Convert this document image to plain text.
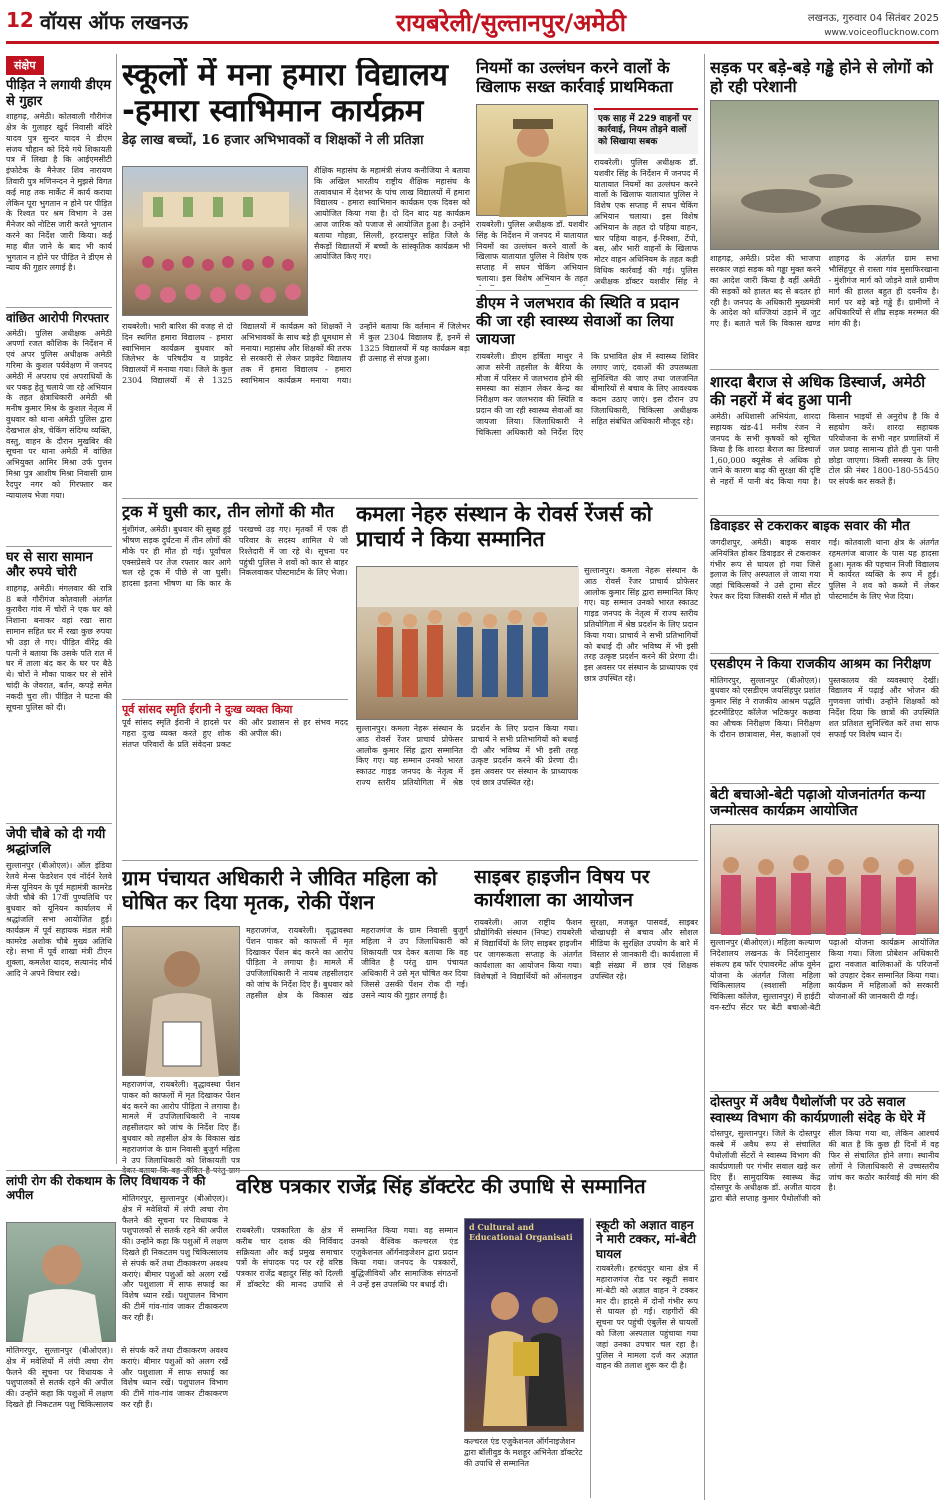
12 वॉयस ऑफ लखनऊ	रायबरेली/सुल्तानपुर/अमेठी	लखनऊ, गुरुवार 04 सितंबर 2025
www.voiceoflucknow.com
संक्षेप
पीड़ित ने लगायी डीएम से गुहार
शाहगढ़, अमेठी। कोतवाली गौरीगंज क्षेत्र के गुलाहर खुर्द निवासी बंदिरे यादव पुत्र सुन्दर यादव ने डीएम संजय चौहान को दिये गये शिकायती पत्र में लिखा है कि आईएमसीटी इंफोटेक के मैनेजर शिव नारायण तिवारी पुत्र मणिनन्दन ने मुझसे विगत कई माह तक मार्केट में कार्य कराया लेकिन पूरा भुगतान न होने पर पीड़ित के रिश्वत पर श्रम विभाग ने उस मैनेजर को नोटिस जारी करते भुगतान करने का निर्देश जारी किया। कई माह बीत जाने के बाद भी कार्य भुगतान न होने पर पीड़ित ने डीएम से न्याय की गुहार लगाई है।
वांछित आरोपी गिरफ्तार
अमेठी। पुलिस अधीक्षक अमेठी अपर्णा रजत कौशिक के निर्देशन में एवं अपर पुलिस अधीक्षक अमेठी गरिमा के कुशल पर्यवेक्षण में जनपद अमेठी में अपराध एवं अपराधियों के धर पकड़ हेतु चलाये जा रहे अभियान के तहत क्षेत्राधिकारी अमेठी श्री मनीष कुमार मिश्र के कुशल नेतृत्व में वुधवार को थाना अमेठी पुलिस द्वारा देखभाल क्षेत्र, चेकिंग संदिग्ध व्यक्ति, वस्तु, वाहन के दौरान मुखबिर की सूचना पर थाना अमेठी में वांछित अभियुक्त आमिर मिश्रा उर्फ पुत्तन मिश्रा पुत्र आशीष मिश्रा निवासी ग्राम रैदपुर नगर को गिरफ्तार कर न्यायालय भेजा गया।
घर से सारा सामान और रुपये चोरी
शाहगढ़, अमेठी। मंगलवार की रात्रि 8 बजे गौरीगंज कोतवाली अंतर्गत कुरावैरा गांव में चोरों ने एक घर को निशाना बनाकर वहां रखा सारा सामान सहित घर में रखा कुछ रुपया भी उड़ा ले गए। पीड़ित वीरेंद्र की पत्नी ने बताया कि उसके पति रात में घर में ताला बंद कर के घर पर बैठे थे। चोरों ने मौका पाकर घर से सोने चांदी के जेवरात, बर्तन, कपड़े समेत नकदी चुरा ली। पीड़ित ने घटना की सूचना पुलिस को दी।
जेपी चौबे को दी गयी श्रद्धांजलि
सुल्तानपुर (बीओएल)। ऑल इंडिया रेलवे मेन्स फेडरेशन एवं नॉर्दर्न रेलवे मेन्स यूनियन के पूर्व महामंत्री कामरेड जेपी चौबे की 17वीं पुण्यतिथि पर बुधवार को यूनियन कार्यालय में श्रद्धांजलि सभा आयोजित हुई। कार्यक्रम में पूर्व सहायक मंडल मंत्री कामरेड अशोक चौबे मुख्य अतिथि रहे। सभा में पूर्व शाखा मंत्री टीएन शुक्ला, कमलेश यादव, सत्यानंद मौर्य आदि ने अपने विचार रखे।
स्कूलों में मना हमारा विद्यालय -हमारा स्वाभिमान कार्यक्रम
डेढ़ लाख बच्चों, 16 हजार अभिभावकों व शिक्षकों ने ली प्रतिज्ञा
शैक्षिक महासंघ के महामंत्री संजय कनौजिया ने बताया कि अखिल भारतीय राष्ट्रीय शैक्षिक महासंघ के तत्वावधान में देशभर के पांच लाख विद्यालयों में हमारा विद्यालय - हमारा स्वाभिमान कार्यक्रम एक दिवस को आयोजित किया गया है। दो दिन बाद यह कार्यक्रम आज जारिक को पजाज से आयोजित हुआ है। उन्होंने बताया गोहन्ना, सिल्ली, हरदासपुर सहित जिले के सैकड़ों विद्यालयों में बच्चों के सांस्कृतिक कार्यक्रम भी आयोजित किए गए।
रायबरेली। भारी बारिश की वजह से दो दिन स्थगित हमारा विद्यालय - हमारा स्वाभिमान कार्यक्रम बुधवार को जिलेभर के परिषदीय व प्राइवेट विद्यालयों में मनाया गया। जिले के कुल 2304 विद्यालयों में से 1325 विद्यालयों में कार्यक्रम को शिक्षकों ने अभिभावकों के साथ बड़े ही धूमधाम से मनाया। महासंघ और शिक्षकों की तरफ से सरकारी से लेकर प्राइवेट विद्यालय तक में हमारा विद्यालय - हमारा स्वाभिमान कार्यक्रम मनाया गया। उन्होंने बताया कि वर्तमान में जिलेभर में कुल 2304 विद्यालय हैं, इनमें से 1325 विद्यालयों में यह कार्यक्रम बड़ा ही उत्साह से संपन्न हुआ।
नियमों का उल्लंघन करने वालों के खिलाफ सख्त कार्रवाई प्राथमिकता
एक साह में 229 वाहनों पर कार्रवाई, नियम तोड़ने वालों को सिखाया सबक
रायबरेली। पुलिस अधीक्षक डॉ. यशवीर सिंह के निर्देशन में जनपद में यातायात नियमों का उल्लंघन करने वालों के खिलाफ यातायात पुलिस ने विशेष एक सप्ताह में सघन चेकिंग अभियान चलाया। इस विशेष अभियान के तहत दो पहिया वाहन, चार पहिया वाहन, ई-रिक्शा, टेंपो, बस, और भारी वाहनों के खिलाफ मोटर वाहन अधिनियम के तहत कड़ी विधिक कार्रवाई की गई। पुलिस अधीक्षक डॉक्टर यशवीर सिंह ने
रायबरेली। पुलिस अधीक्षक डॉ. यशवीर सिंह के निर्देशन में जनपद में यातायात नियमों का उल्लंघन करने वालों के खिलाफ यातायात पुलिस ने विशेष एक सप्ताह में सघन चेकिंग अभियान चलाया। इस विशेष अभियान के तहत
डीएम ने जलभराव की स्थिति व प्रदान की जा रही स्वास्थ्य सेवाओं का लिया जायजा
रायबरेली। डीएम हर्षिता माथुर ने आज सरेनी तहसील के बैरिया के मौजा में परिसर में जलभराव होने की समस्या का संज्ञान लेकर केन्द्र का निरीक्षण कर जलभराव की स्थिति व प्रदान की जा रही स्वास्थ्य सेवाओं का जायजा लिया। जिलाधिकारी ने चिकित्सा अधिकारी को निर्देश दिए कि प्रभावित क्षेत्र में स्वास्थ्य शिविर लगाए जाएं, दवाओं की उपलब्धता सुनिश्चित की जाए तथा जलजनित बीमारियों से बचाव के लिए आवश्यक कदम उठाए जाएं। इस दौरान उप जिलाधिकारी, चिकित्सा अधीक्षक सहित संबंधित अधिकारी मौजूद रहे।
ट्रक में घुसी कार, तीन लोगों की मौत
मुंशीगंज, अमेठी। बुधवार की सुबह हुई भीषण सड़क दुर्घटना में तीन लोगों की मौके पर ही मौत हो गई। पूर्वांचल एक्सप्रेसवे पर तेज रफ्तार कार आगे चल रहे ट्रक में पीछे से जा घुसी। हादसा इतना भीषण था कि कार के परखच्चे उड़ गए। मृतकों में एक ही परिवार के सदस्य शामिल थे जो रिश्तेदारी में जा रहे थे। सूचना पर पहुंची पुलिस ने शवों को कार से बाहर निकलवाकर पोस्टमार्टम के लिए भेजा।
पूर्व सांसद स्मृति ईरानी ने दुःख व्यक्त किया
पूर्व सांसद स्मृति ईरानी ने हादसे पर गहरा दुःख व्यक्त करते हुए शोक संतप्त परिवारों के प्रति संवेदना प्रकट की और प्रशासन से हर संभव मदद की अपील की।
कमला नेहरु संस्थान के रोवर्स रेंजर्स को प्राचार्य ने किया सम्मानित
सुल्तानपुर। कमला नेहरू संस्थान के आठ रोवर्स रेंजर प्राचार्य प्रोफेसर आलोक कुमार सिंह द्वारा सम्मानित किए गए। यह सम्मान उनको भारत स्काउट गाइड जनपद के नेतृत्व में राज्य स्तरीय प्रतियोगिता में श्रेष्ठ प्रदर्शन के लिए प्रदान किया गया। प्राचार्य ने सभी प्रतिभागियों को बधाई दी और भविष्य में भी इसी तरह उत्कृष्ट प्रदर्शन करने की प्रेरणा दी। इस अवसर पर संस्थान के प्राध्यापक एवं छात्र उपस्थित रहे।
सुल्तानपुर। कमला नेहरू संस्थान के आठ रोवर्स रेंजर प्राचार्य प्रोफेसर आलोक कुमार सिंह द्वारा सम्मानित किए गए। यह सम्मान उनको भारत स्काउट गाइड जनपद के नेतृत्व में राज्य स्तरीय प्रतियोगिता में श्रेष्ठ प्रदर्शन के लिए प्रदान किया गया। प्राचार्य ने सभी प्रतिभागियों को बधाई दी और भविष्य में भी इसी तरह उत्कृष्ट प्रदर्शन करने की प्रेरणा दी। इस अवसर पर संस्थान के प्राध्यापक एवं छात्र उपस्थित रहे।
ग्राम पंचायत अधिकारी ने जीवित महिला को घोषित कर दिया मृतक, रोकी पेंशन
महराजगंज, रायबरेली। वृद्धावस्था पेंशन पाकर को काफलों में मृत दिखाकर पेंशन बंद करने का आरोप पीड़िता ने लगाया है। मामले में उपजिलाधिकारी ने नायब तहसीलदार को जांच के निर्देश दिए हैं। बुधवार को तहसील क्षेत्र के विकास खंड महराजगंज के ग्राम निवासी बुजुर्ग महिला ने उप जिलाधिकारी को शिकायती पत्र देकर बताया कि वह जीवित है परंतु ग्राम पंचायत अधिकारी ने उसे मृत घोषित कर दिया जिससे उसकी पेंशन रोक दी गई। उसने न्याय की गुहार लगाई है।
महराजगंज, रायबरेली। वृद्धावस्था पेंशन पाकर को काफलों में मृत दिखाकर पेंशन बंद करने का आरोप पीड़िता ने लगाया है। मामले में उपजिलाधिकारी ने नायब तहसीलदार को जांच के निर्देश दिए हैं। बुधवार को तहसील क्षेत्र के विकास खंड महराजगंज के ग्राम निवासी बुजुर्ग महिला ने उप जिलाधिकारी को शिकायती पत्र
साइबर हाइजीन विषय पर कार्यशाला का आयोजन
रायबरेली। आज राष्ट्रीय फैशन प्रौद्योगिकी संस्थान (निफ्ट) रायबरेली में विद्यार्थियों के लिए साइबर हाइजीन पर जागरूकता सप्ताह के अंतर्गत कार्यशाला का आयोजन किया गया। विशेषज्ञों ने विद्यार्थियों को ऑनलाइन सुरक्षा, मजबूत पासवर्ड, साइबर धोखाधड़ी से बचाव और सोशल मीडिया के सुरक्षित उपयोग के बारे में विस्तार से जानकारी दी। कार्यशाला में बड़ी संख्या में छात्र एवं शिक्षक उपस्थित रहे।
लांपी रोग की रोकथाम के लिए विधायक ने की अपील	मोतिगरपुर, सुल्तानपुर (बीओएल)। क्षेत्र में मवेशियों में लंपी त्वचा रोग फैलने की सूचना पर विधायक ने पशुपालकों से सतर्क रहने की अपील की। उन्होंने कहा कि पशुओं में लक्षण दिखते ही निकटतम पशु चिकित्सालय से संपर्क करें तथा टीकाकरण अवश्य कराएं। बीमार पशुओं को अलग रखें और पशुशाला में साफ सफाई का विशेष ध्यान रखें। पशुपालन विभाग की टीमें गांव-गांव जाकर टीकाकरण कर रही हैं।
मोतिगरपुर, सुल्तानपुर (बीओएल)। क्षेत्र में मवेशियों में लंपी त्वचा रोग फैलने की सूचना पर विधायक ने पशुपालकों से सतर्क रहने की अपील की। उन्होंने कहा कि पशुओं में लक्षण दिखते ही निकटतम पशु चिकित्सालय से संपर्क करें तथा टीकाकरण अवश्य कराएं। बीमार पशुओं को अलग रखें और पशुशाला में साफ सफाई का विशेष ध्यान रखें। पशुपालन विभाग की टीमें गांव-गांव जाकर टीकाकरण कर रही हैं।
वरिष्ठ पत्रकार राजेंद्र सिंह डॉक्टरेट की उपाधि से सम्मानित
रायबरेली। पत्रकारिता के क्षेत्र में करीब चार दशक की निर्विवाद सक्रियता और कई प्रमुख समाचार पत्रों के संपादक पद पर रहे वरिष्ठ पत्रकार राजेंद्र बहादुर सिंह को दिल्ली में डॉक्टरेट की मानद उपाधि से सम्मानित किया गया। वह सम्मान उनको वैश्विक कल्चरल एंड एजुकेशनल ऑर्गनाइजेशन द्वारा प्रदान किया गया। जनपद के पत्रकारों, बुद्धिजीवियों और सामाजिक संगठनों ने उन्हें इस उपलब्धि पर बधाई दी।
d Cultural and Educational Organisati
कल्चरल एंड एजुकेशनल ऑर्गनाइजेशन द्वारा बॉलीवुड के मशहूर अभिनेता डॉक्टरेट की उपाधि से सम्मानित
स्कूटी को अज्ञात वाहन ने मारी टक्कर, मां-बेटी घायल
रायबरेली। हरचंदपुर थाना क्षेत्र में महाराजगंज रोड पर स्कूटी सवार मां-बेटी को अज्ञात वाहन ने टक्कर मार दी। हादसे में दोनों गंभीर रूप से घायल हो गईं। राहगीरों की सूचना पर पहुंची एंबुलेंस से घायलों को जिला अस्पताल पहुंचाया गया जहां उनका उपचार चल रहा है। पुलिस ने मामला दर्ज कर अज्ञात वाहन की तलाश शुरू कर दी है।
सड़क पर बड़े-बड़े गड्ढे होने से लोगों को हो रही परेशानी
शाहगढ़, अमेठी। प्रदेश की भाजपा सरकार जहां सड़क को गड्ढा मुक्त करने का आदेश जारी किया है वहीं अमेठी की सड़कों को हालत बद से बदतर हो रही है। जनपद के अधिकारी मुख्यमंत्री के आदेश को धज्जियां उड़ाने में जुट गए हैं। बताते चलें कि विकास खण्ड शाहगढ़ के अंतर्गत ग्राम सभा भौसिंहपुर से रास्ता गांव मुसाफिरखाना - मुंशीगंज मार्ग को जोड़ने वाले ग्रामीण मार्ग की हालत बहुत ही दयनीय है। मार्ग पर बड़े बड़े गड्ढे हैं। ग्रामीणों ने अधिकारियों से शीघ्र सड़क मरम्मत की मांग की है।
शारदा बैराज से अधिक डिस्चार्ज, अमेठी की नहरों में बंद हुआ पानी
अमेठी। अधिशासी अभियंता, शारदा सहायक खंड-41 मनीष रंजन ने जनपद के सभी कृषकों को सूचित किया है कि शारदा बैराज का डिस्चार्ज 1,60,000 क्यूसेक से अधिक हो जाने के कारण बाढ़ की सुरक्षा की दृष्टि से नहरों में पानी बंद किया गया है। किसान भाइयों से अनुरोध है कि वे सहयोग करें। शारदा सहायक परियोजना के सभी नहर प्रणालियों में जल प्रवाह सामान्य होते ही पुनः पानी छोड़ा जाएगा। किसी समस्या के लिए टोल फ्री नंबर 1800-180-55450 पर संपर्क कर सकते हैं।
डिवाइडर से टकराकर बाइक सवार की मौत
जगदीशपुर, अमेठी। बाइक सवार अनियंत्रित होकर डिवाइडर से टकराकर गंभीर रूप से घायल हो गया जिसे इलाज के लिए अस्पताल ले जाया गया जहां चिकित्सकों ने उसे ट्रामा सेंटर रेफर कर दिया जिसकी रास्ते में मौत हो गई। कोतवाली थाना क्षेत्र के अंतर्गत रहमतगंज बाजार के पास यह हादसा हुआ। मृतक की पहचान निजी विद्यालय में कार्यरत व्यक्ति के रूप में हुई। पुलिस ने शव को कब्जे में लेकर पोस्टमार्टम के लिए भेज दिया।
एसडीएम ने किया राजकीय आश्रम का निरीक्षण
मोतिगरपुर, सुल्तानपुर (बीओएल)। बुधवार को एसडीएम जयसिंहपुर प्रशांत कुमार सिंह ने राजकीय आश्रम पद्धति इंटरमीडिएट कॉलेज भटिकपुर कछवा का औचक निरीक्षण किया। निरीक्षण के दौरान छात्रावास, मेस, कक्षाओं एवं पुस्तकालय की व्यवस्थाएं देखीं। विद्यालय में पढ़ाई और भोजन की गुणवत्ता जांची। उन्होंने शिक्षकों को निर्देश दिया कि छात्रों की उपस्थिति शत प्रतिशत सुनिश्चित करें तथा साफ सफाई पर विशेष ध्यान दें।
बेटी बचाओ-बेटी पढ़ाओ योजनांतर्गत कन्या जन्मोत्सव कार्यक्रम आयोजित
सुल्तानपुर (बीओएल)। महिला कल्याण निदेशालय लखनऊ के निर्देशानुसार संकल्प हब फॉर एंपावरमेंट ऑफ वूमेन योजना के अंतर्गत जिला महिला चिकित्सालय (स्वशासी महिला चिकित्सा कॉलेज, सुल्तानपुर) में हाईटी वन-स्टॉप सेंटर पर बेटी बचाओ-बेटी पढ़ाओ योजना कार्यक्रम आयोजित किया गया। जिला प्रोबेशन अधिकारी द्वारा नवजात बालिकाओं के परिजनों को उपहार देकर सम्मानित किया गया। कार्यक्रम में महिलाओं को सरकारी योजनाओं की जानकारी दी गई।
दोस्तपुर में अवैध पैथोलॉजी पर उठे सवाल स्वास्थ्य विभाग की कार्यप्रणाली संदेह के घेरे में
दोस्तपुर, सुल्तानपुर। जिले के दोस्तपुर कस्बे में अवैध रूप से संचालित पैथोलॉजी सेंटरों ने स्वास्थ्य विभाग की कार्यप्रणाली पर गंभीर सवाल खड़े कर दिए हैं। सामुदायिक स्वास्थ्य केंद्र दोस्तपुर के अधीक्षक डॉ. अजीत यादव द्वारा बीते सप्ताह कुमार पैथोलॉजी को सील किया गया था, लेकिन आश्चर्य की बात है कि कुछ ही दिनों में वह फिर से संचालित होने लगा। स्थानीय लोगों ने जिलाधिकारी से उच्चस्तरीय जांच कर कठोर कार्रवाई की मांग की है।
